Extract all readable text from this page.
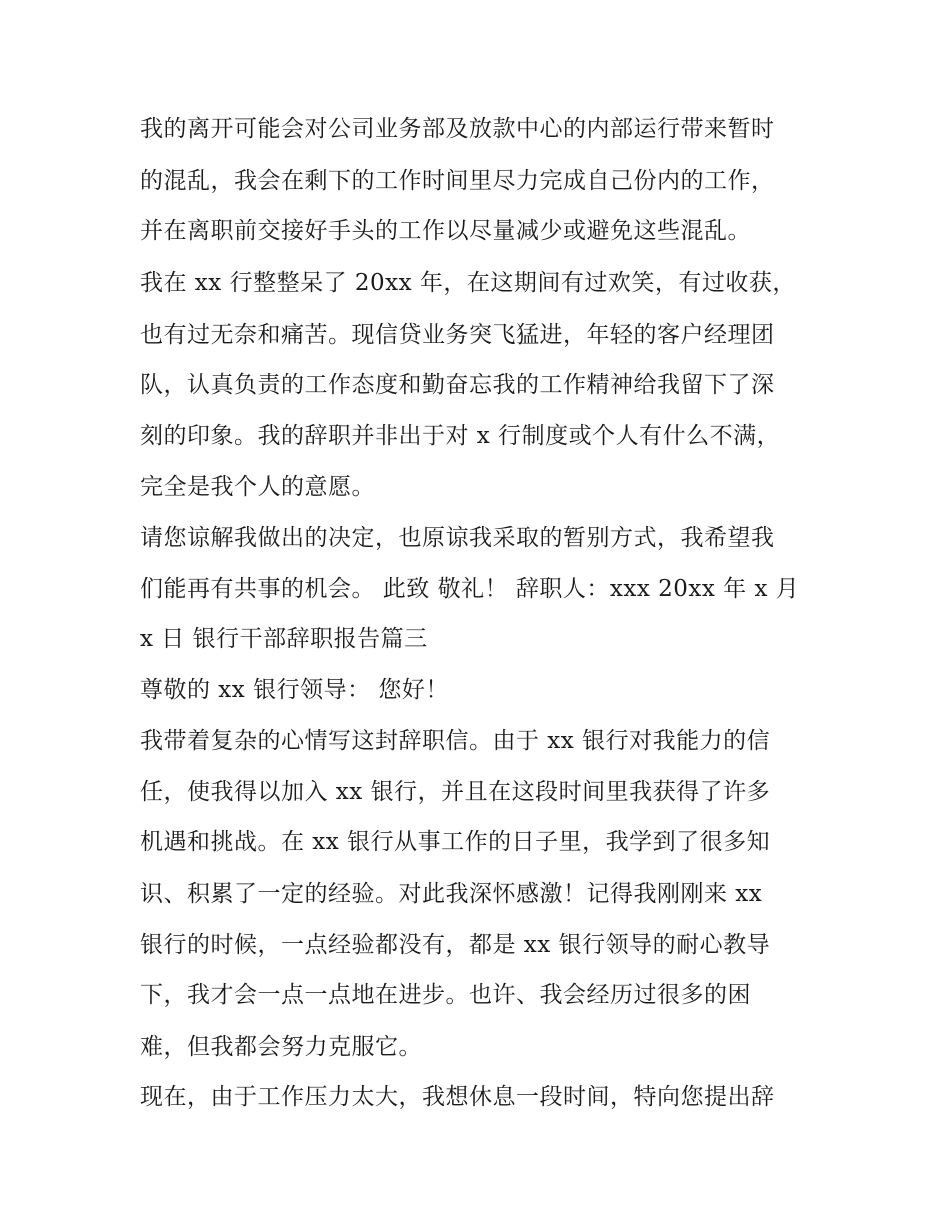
我的离开可能会对公司业务部及放款中心的内部运行带来暂时
的混乱，我会在剩下的工作时间里尽力完成自己份内的工作，
并在离职前交接好手头的工作以尽量减少或避免这些混乱。
我在 xx 行整整呆了 20xx 年，在这期间有过欢笑，有过收获，
也有过无奈和痛苦。现信贷业务突飞猛进，年轻的客户经理团
队，认真负责的工作态度和勤奋忘我的工作精神给我留下了深
刻的印象。我的辞职并非出于对 x 行制度或个人有什么不满，
完全是我个人的意愿。
请您谅解我做出的决定，也原谅我采取的暂别方式，我希望我
们能再有共事的机会。 此致 敬礼！ 辞职人：xxx 20xx 年 x 月
x 日 银行干部辞职报告篇三
尊敬的 xx 银行领导： 您好！
我带着复杂的心情写这封辞职信。由于 xx 银行对我能力的信
任，使我得以加入 xx 银行，并且在这段时间里我获得了许多
机遇和挑战。在 xx 银行从事工作的日子里，我学到了很多知
识、积累了一定的经验。对此我深怀感激！记得我刚刚来 xx
银行的时候，一点经验都没有，都是 xx 银行领导的耐心教导
下，我才会一点一点地在进步。也许、我会经历过很多的困
难，但我都会努力克服它。
现在，由于工作压力太大，我想休息一段时间，特向您提出辞
